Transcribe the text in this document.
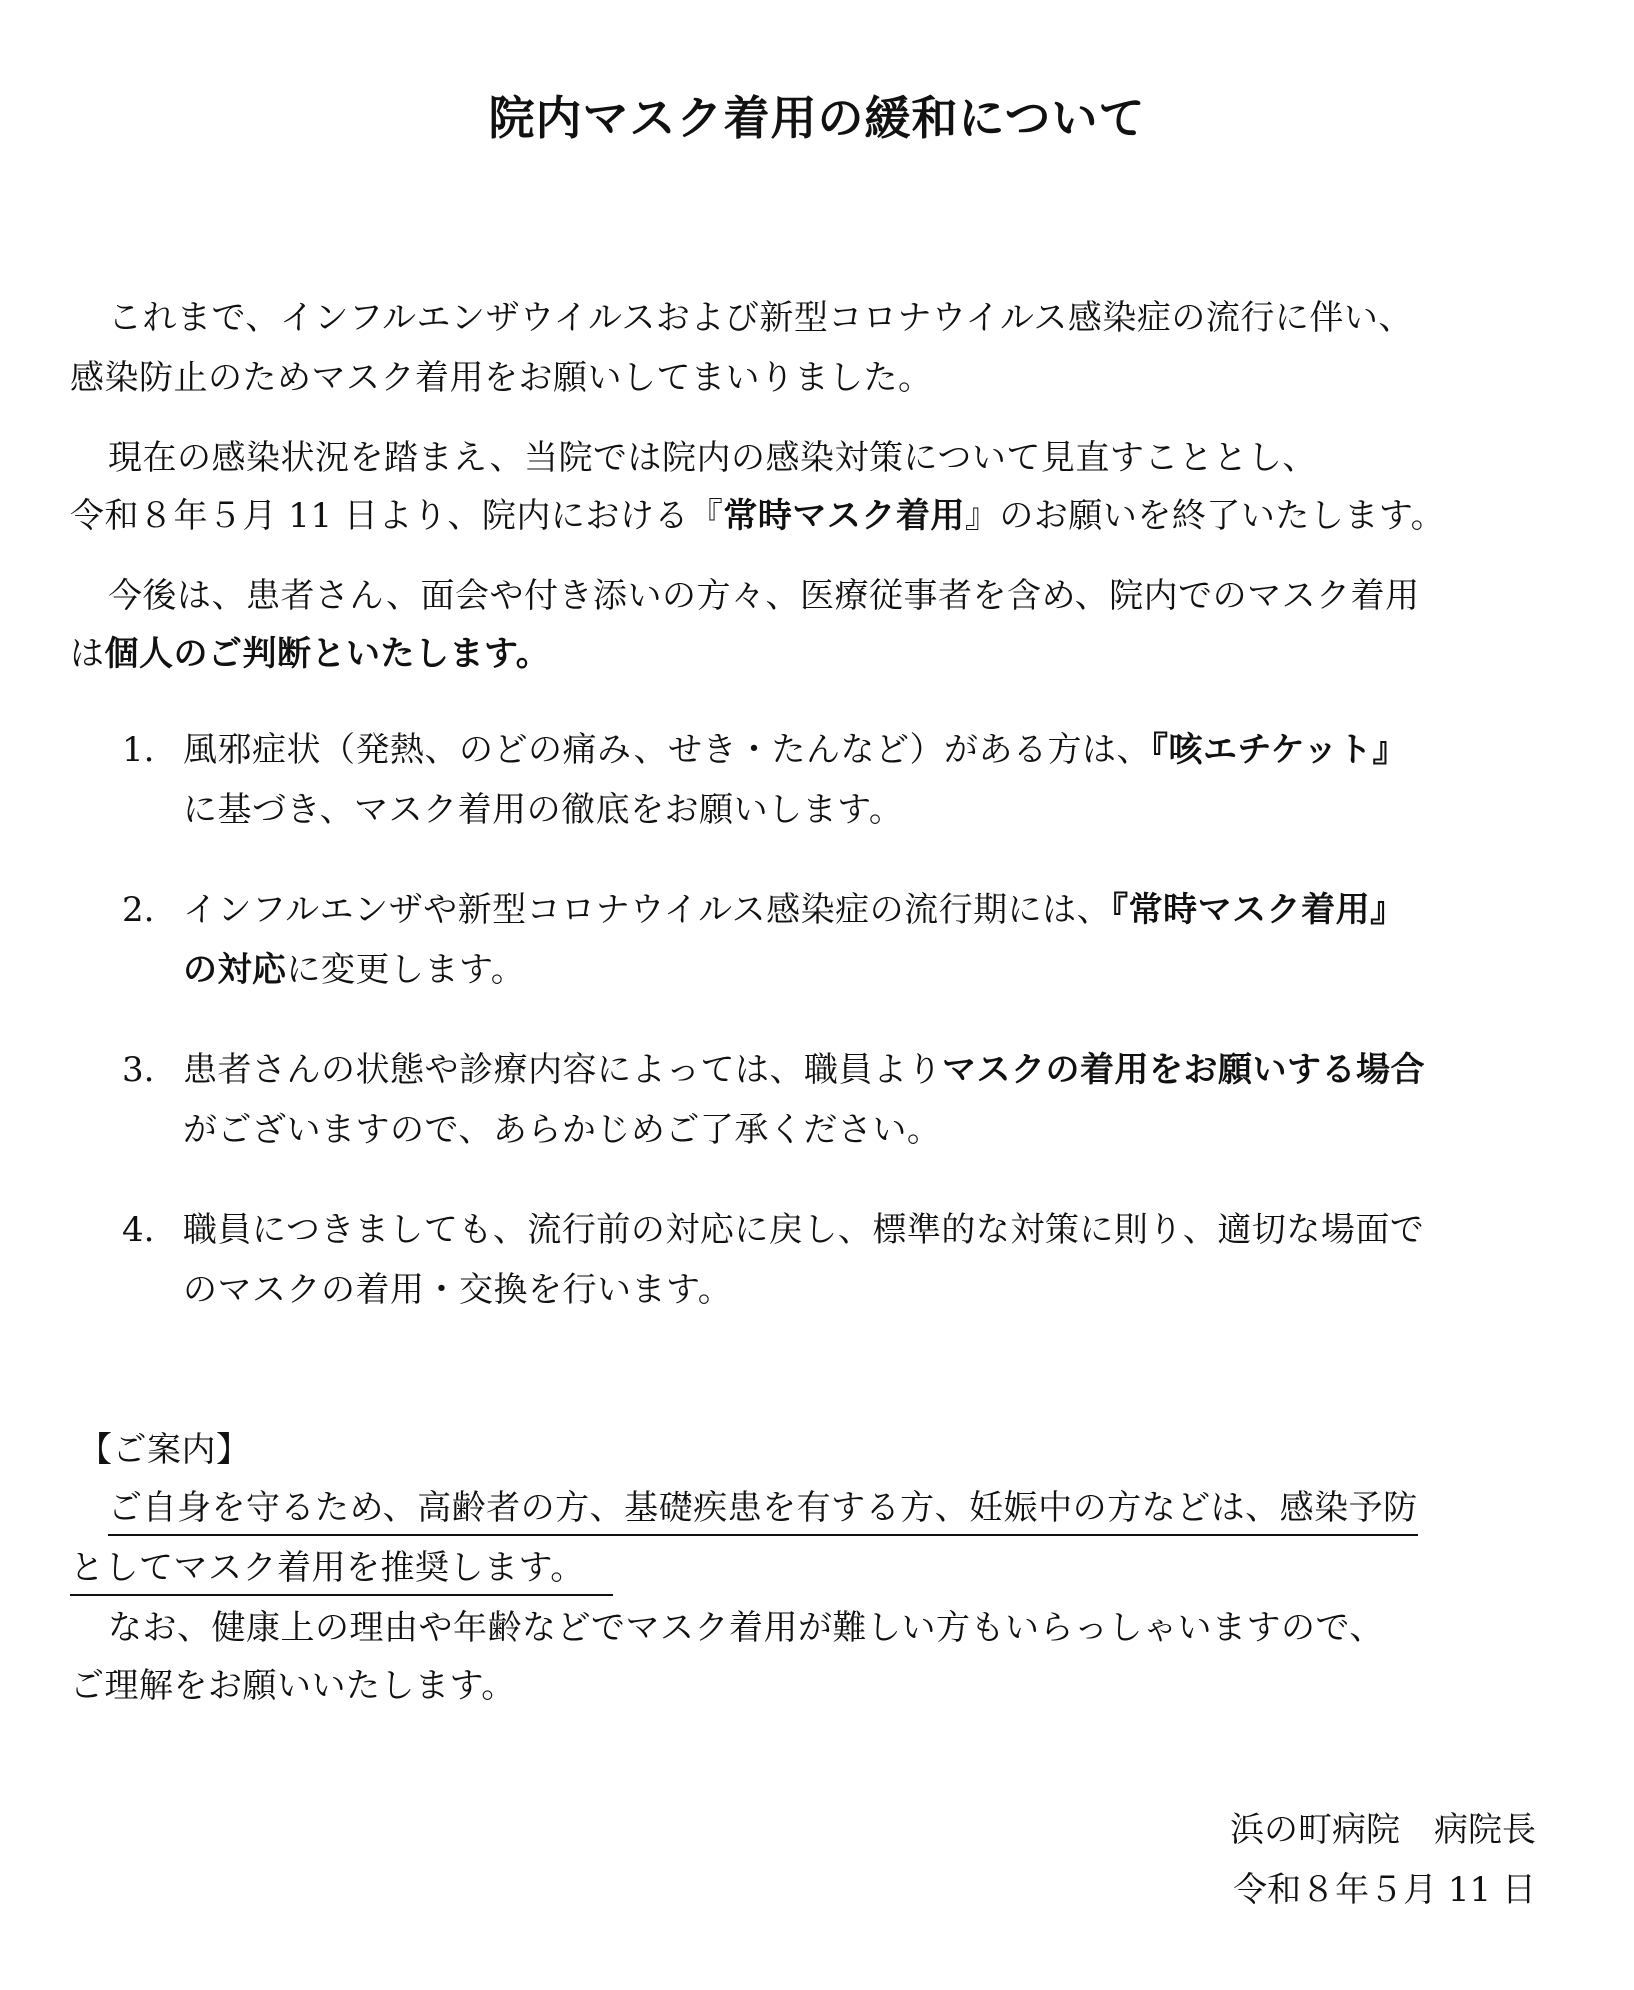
院内マスク着用の緩和について
これまで、インフルエンザウイルスおよび新型コロナウイルス感染症の流行に伴い、
感染防止のためマスク着用をお願いしてまいりました。
現在の感染状況を踏まえ、当院では院内の感染対策について見直すこととし、
令和８年５月 11 日より、院内における『常時マスク着用』のお願いを終了いたします。
今後は、患者さん、面会や付き添いの方々、医療従事者を含め、院内でのマスク着用
は個人のご判断といたします。
1. 風邪症状（発熱、のどの痛み、せき・たんなど）がある方は、『咳エチケット』
に基づき、マスク着用の徹底をお願いします。
2. インフルエンザや新型コロナウイルス感染症の流行期には、『常時マスク着用』
の対応に変更します。
3. 患者さんの状態や診療内容によっては、職員よりマスクの着用をお願いする場合
がございますので、あらかじめご了承ください。
4. 職員につきましても、流行前の対応に戻し、標準的な対策に則り、適切な場面で
のマスクの着用・交換を行います。
【ご案内】
ご自身を守るため、高齢者の方、基礎疾患を有する方、妊娠中の方などは、感染予防
としてマスク着用を推奨します。
なお、健康上の理由や年齢などでマスク着用が難しい方もいらっしゃいますので、
ご理解をお願いいたします。
浜の町病院　病院長
令和８年５月 11 日
